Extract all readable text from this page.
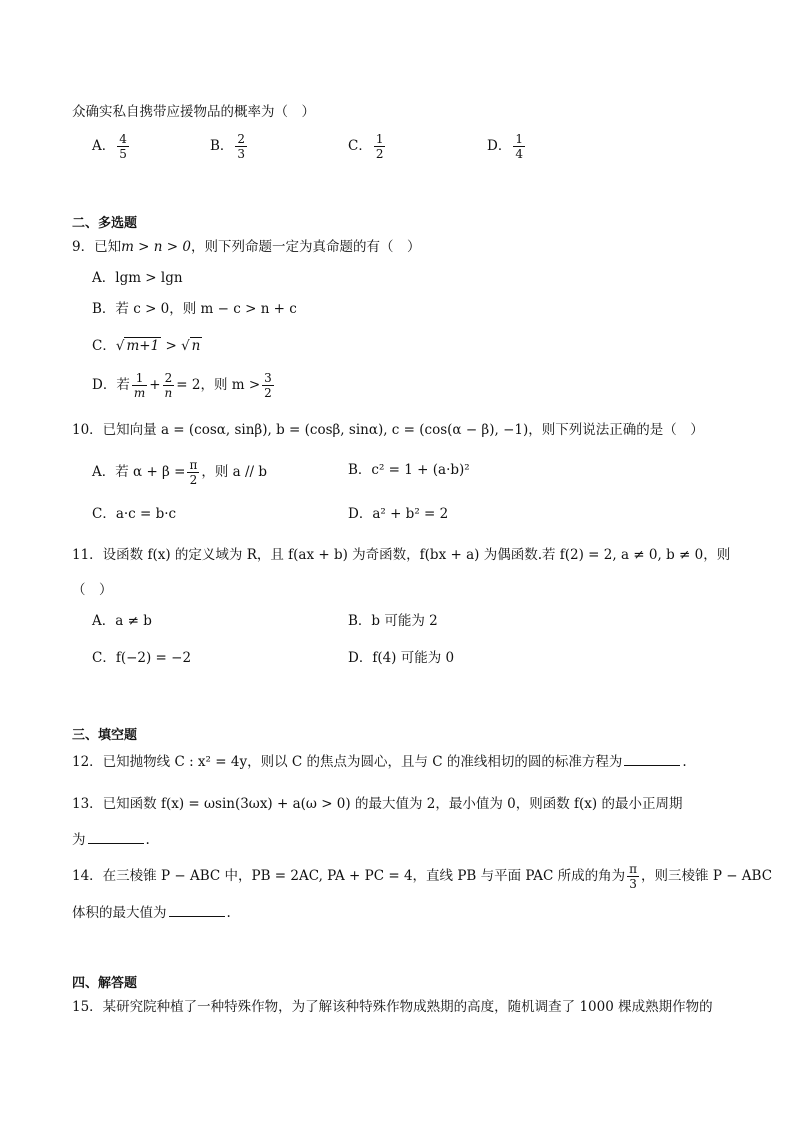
众确实私自携带应援物品的概率为（　）
A． $\frac{4}{5}$	B． $\frac{2}{3}$	C． $\frac{1}{2}$	D． $\frac{1}{4}$
二、多选题
9．已知m > n > 0，则下列命题一定为真命题的有（　）
A．lgm > lgn
B．若 c > 0，则 m − c > n + c
C．√ m+1 > √ n
D．若 $\frac{1}{m} + \frac{2}{n} = 2$，则 $m > \frac{3}{2}$
10．已知向量 a = (cosα, sinβ), b = (cosβ, sinα), c = (cos(α − β), −1)，则下列说法正确的是（　）
A．若 $\alpha + \beta = \frac{\pi}{2}$ ，则 a // b	B．c² = 1 + (a·b)²
C．a·c = b·c	D．a² + b² = 2
11．设函数 f(x) 的定义域为 R，且 f(ax + b) 为奇函数，f(bx + a) 为偶函数.若 f(2) = 2, a ≠ 0, b ≠ 0，则
（　）
A．a ≠ b	B．b 可能为 2
C．f(−2) = −2	D．f(4) 可能为 0
三、填空题
12．已知抛物线 C : x² = 4y，则以 C 的焦点为圆心，且与 C 的准线相切的圆的标准方程为	.
13．已知函数 f(x) = ωsin(3ωx) + a(ω > 0) 的最大值为 2，最小值为 0，则函数 f(x) 的最小正周期
为	.
14．在三棱锥 P − ABC 中，PB = 2AC, PA + PC = 4，直线 PB 与平面 PAC 所成的角为 $\frac{\pi}{3}$ ，则三棱锥 P − ABC
体积的最大值为	.
四、解答题
15．某研究院种植了一种特殊作物，为了解该种特殊作物成熟期的高度，随机调查了 1000 棵成熟期作物的
